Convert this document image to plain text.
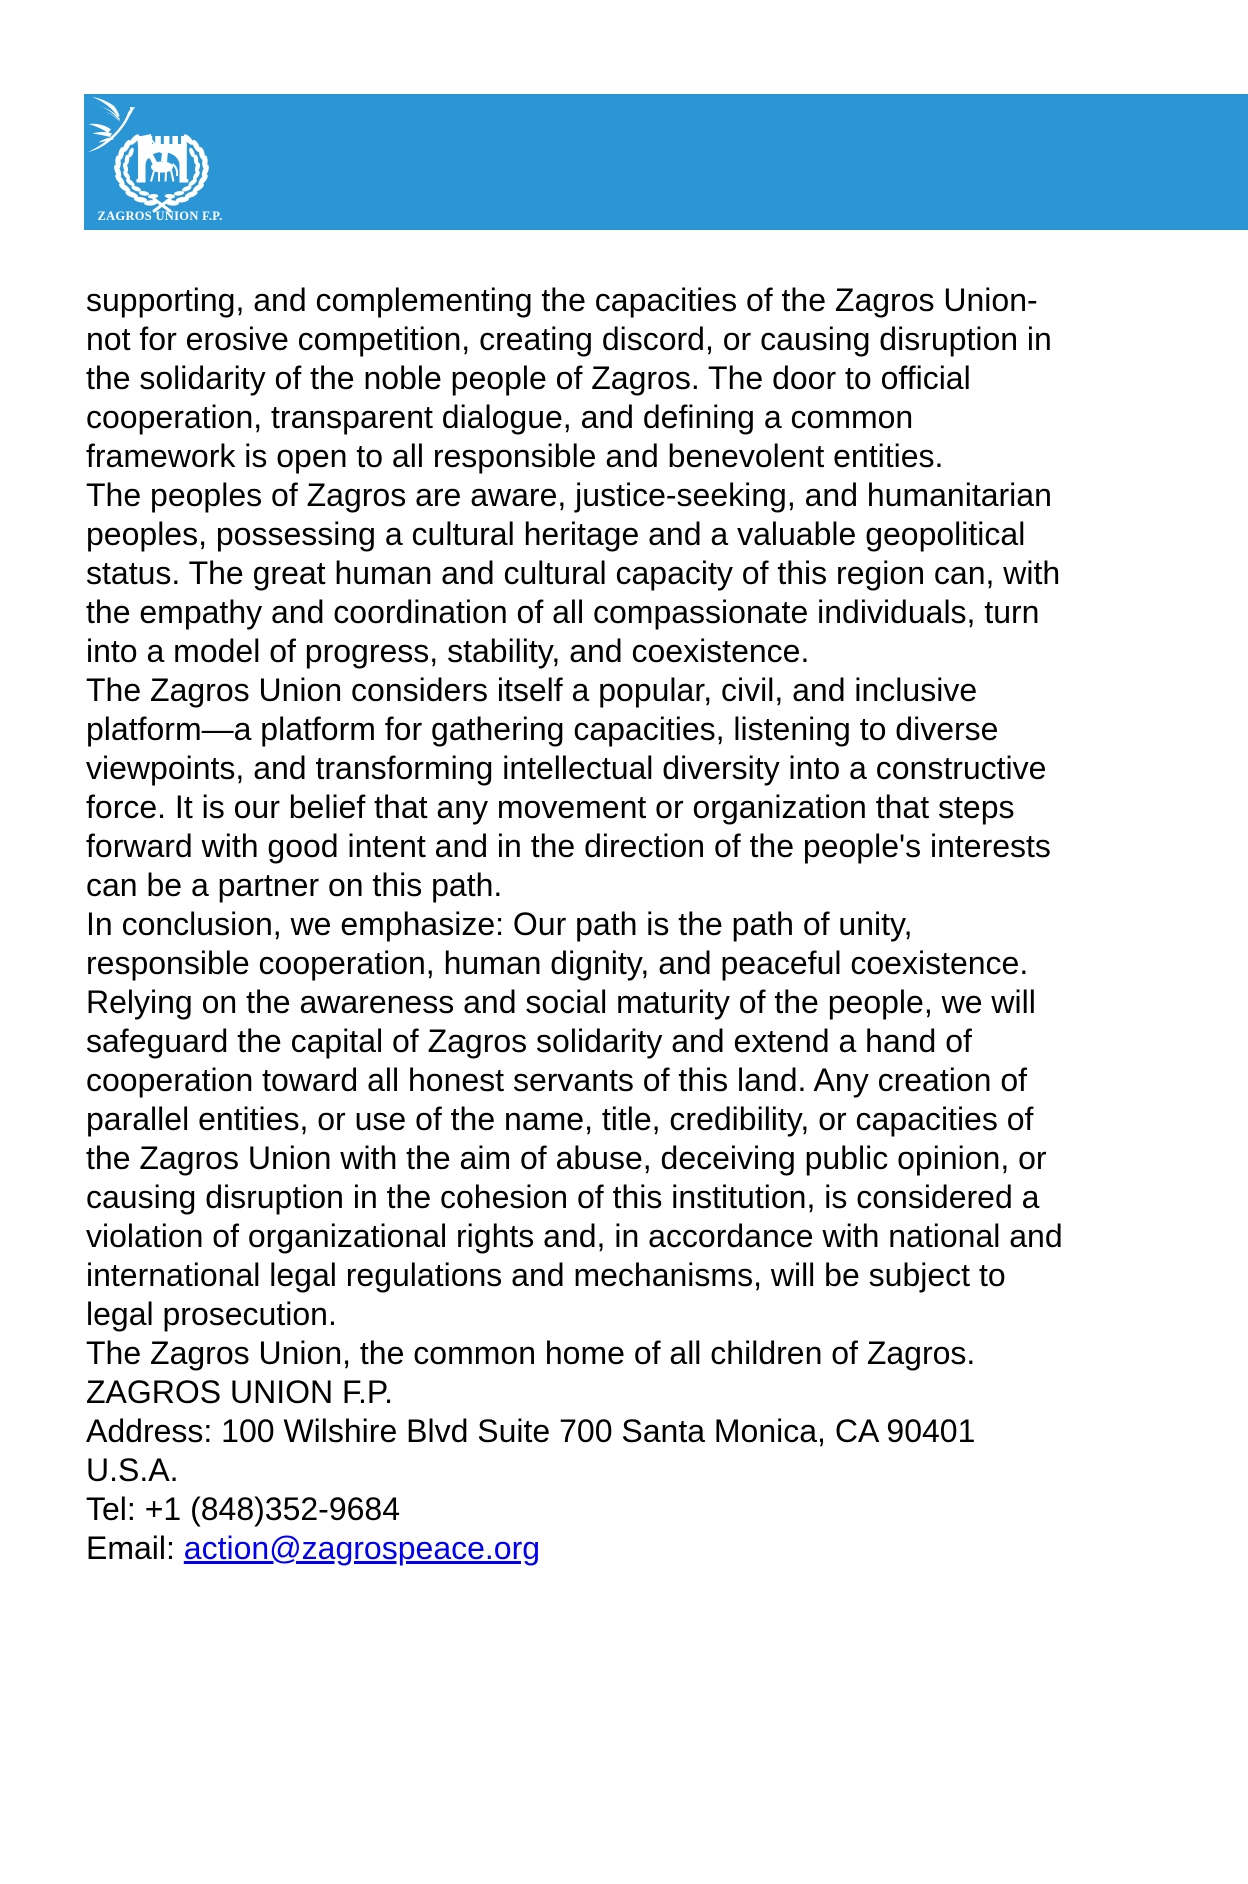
ZAGROS UNION F.P.
supporting, and complementing the capacities of the Zagros Union-
not for erosive competition, creating discord, or causing disruption in
the solidarity of the noble people of Zagros. The door to official
cooperation, transparent dialogue, and defining a common
framework is open to all responsible and benevolent entities.
The peoples of Zagros are aware, justice-seeking, and humanitarian
peoples, possessing a cultural heritage and a valuable geopolitical
status. The great human and cultural capacity of this region can, with
the empathy and coordination of all compassionate individuals, turn
into a model of progress, stability, and coexistence.
The Zagros Union considers itself a popular, civil, and inclusive
platform—a platform for gathering capacities, listening to diverse
viewpoints, and transforming intellectual diversity into a constructive
force. It is our belief that any movement or organization that steps
forward with good intent and in the direction of the people's interests
can be a partner on this path.
In conclusion, we emphasize: Our path is the path of unity,
responsible cooperation, human dignity, and peaceful coexistence.
Relying on the awareness and social maturity of the people, we will
safeguard the capital of Zagros solidarity and extend a hand of
cooperation toward all honest servants of this land. Any creation of
parallel entities, or use of the name, title, credibility, or capacities of
the Zagros Union with the aim of abuse, deceiving public opinion, or
causing disruption in the cohesion of this institution, is considered a
violation of organizational rights and, in accordance with national and
international legal regulations and mechanisms, will be subject to
legal prosecution.
The Zagros Union, the common home of all children of Zagros.
ZAGROS UNION F.P.
Address: 100 Wilshire Blvd Suite 700 Santa Monica, CA 90401
U.S.A.
Tel: +1 (848)352-9684
Email: action@zagrospeace.org
